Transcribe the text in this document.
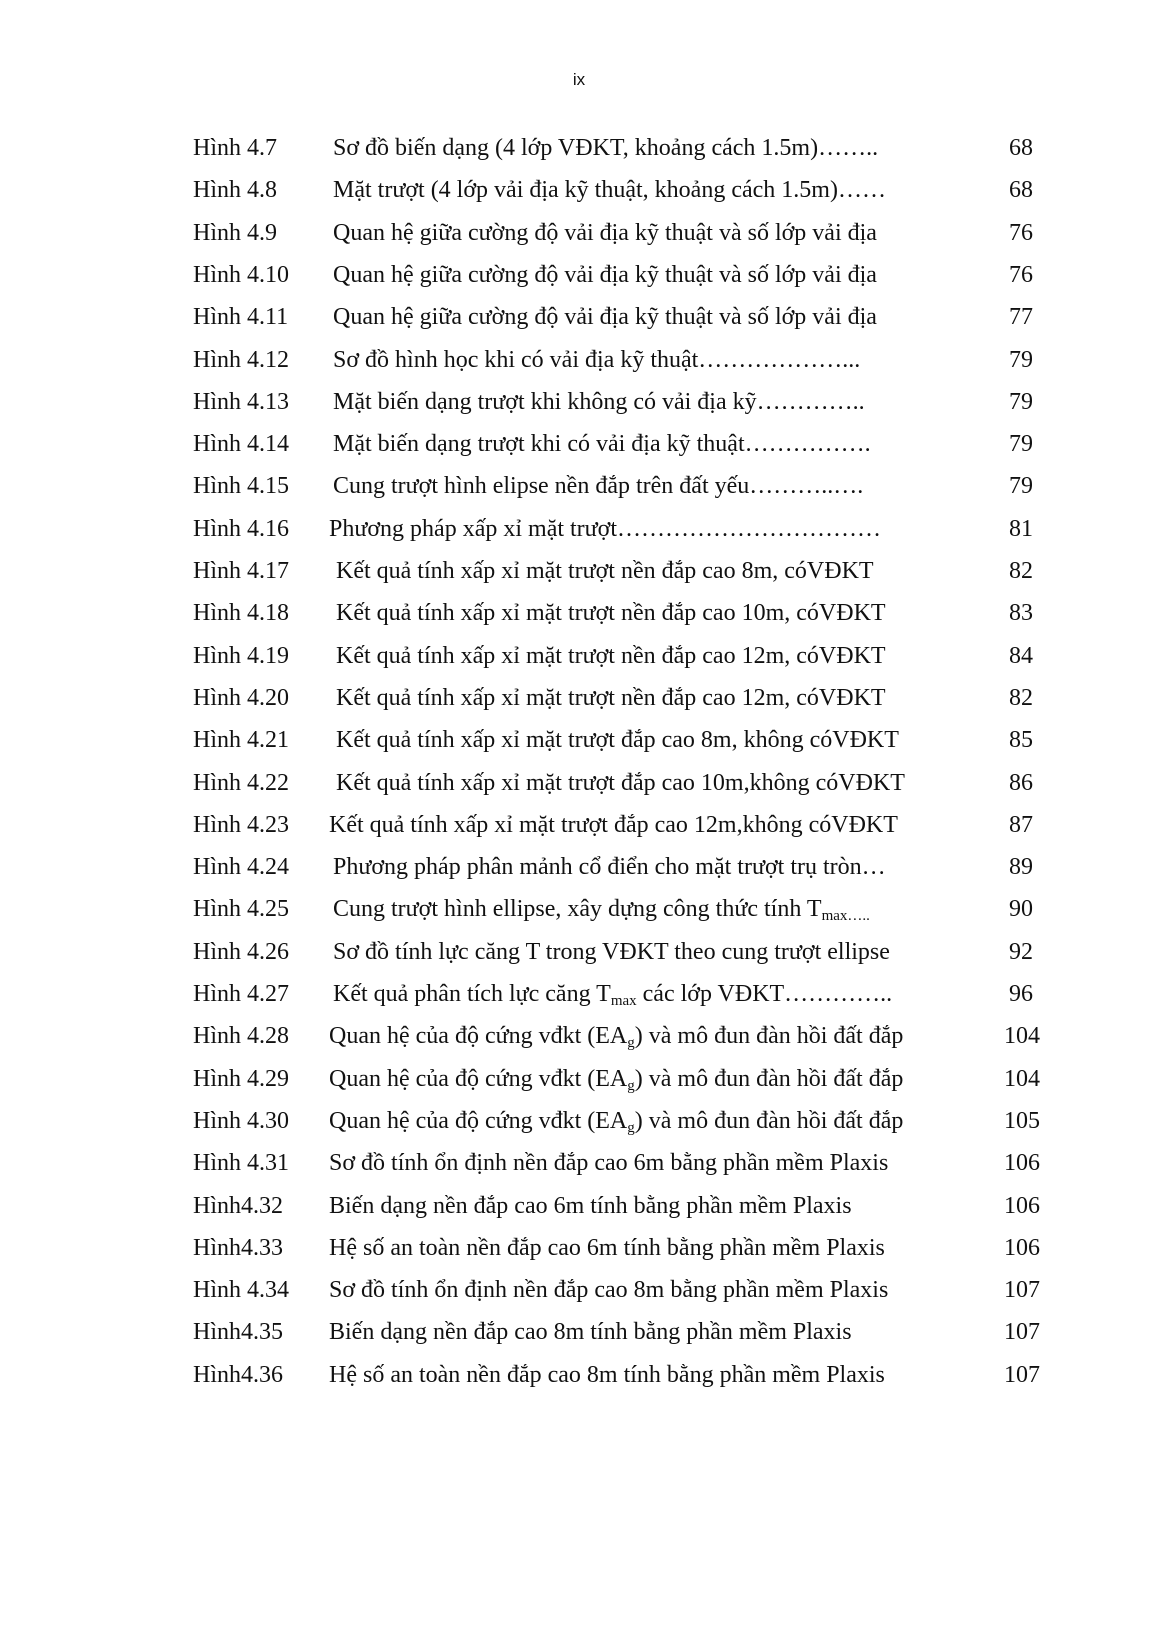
ix
Hình 4.7 Sơ đồ biến dạng (4 lớp VĐKT, khoảng cách 1.5m)……..	68
Hình 4.8 Mặt trượt (4 lớp vải địa kỹ thuật, khoảng cách 1.5m)……	68
Hình 4.9 Quan hệ giữa cường độ vải địa kỹ thuật và số lớp vải địa	76
Hình 4.10 Quan hệ giữa cường độ vải địa kỹ thuật và số lớp vải địa	76
Hình 4.11 Quan hệ giữa cường độ vải địa kỹ thuật và số lớp vải địa	77
Hình 4.12 Sơ đồ hình học khi có vải địa kỹ thuật………………...	79
Hình 4.13 Mặt biến dạng trượt khi không có vải địa kỹ…………..	79
Hình 4.14 Mặt biến dạng trượt khi có vải địa kỹ thuật…………….	79
Hình 4.15 Cung trượt hình elipse nền đắp trên đất yếu………..….	79
Hình 4.16 Phương pháp xấp xỉ mặt trượt……………………………	81
Hình 4.17 Kết quả tính xấp xỉ mặt trượt nền đắp cao 8m, cóVĐKT	82
Hình 4.18 Kết quả tính xấp xỉ mặt trượt nền đắp cao 10m, cóVĐKT	83
Hình 4.19 Kết quả tính xấp xỉ mặt trượt nền đắp cao 12m, cóVĐKT	84
Hình 4.20 Kết quả tính xấp xỉ mặt trượt nền đắp cao 12m, cóVĐKT	82
Hình 4.21 Kết quả tính xấp xỉ mặt trượt đắp cao 8m, không cóVĐKT	85
Hình 4.22 Kết quả tính xấp xỉ mặt trượt đắp cao 10m,không cóVĐKT	86
Hình 4.23 Kết quả tính xấp xỉ mặt trượt đắp cao 12m,không cóVĐKT	87
Hình 4.24 Phương pháp phân mảnh cổ điển cho mặt trượt trụ tròn…	89
Hình 4.25 Cung trượt hình ellipse, xây dựng công thức tính $T_{max\dots..}$	90
Hình 4.26 Sơ đồ tính lực căng T trong VĐKT theo cung trượt ellipse	92
Hình 4.27 Kết quả phân tích lực căng $T_{max}$ các lớp VĐKT…………..	96
Hình 4.28 Quan hệ của độ cứng vđkt $(EA_g)$ và mô đun đàn hồi đất đắp	104
Hình 4.29 Quan hệ của độ cứng vđkt $(EA_g)$ và mô đun đàn hồi đất đắp	104
Hình 4.30 Quan hệ của độ cứng vđkt $(EA_g)$ và mô đun đàn hồi đất đắp	105
Hình 4.31 Sơ đồ tính ổn định nền đắp cao 6m bằng phần mềm Plaxis	106
Hình4.32 Biến dạng nền đắp cao 6m tính bằng phần mềm Plaxis	106
Hình4.33 Hệ số an toàn nền đắp cao 6m tính bằng phần mềm Plaxis	106
Hình 4.34 Sơ đồ tính ổn định nền đắp cao 8m bằng phần mềm Plaxis	107
Hình4.35 Biến dạng nền đắp cao 8m tính bằng phần mềm Plaxis	107
Hình4.36 Hệ số an toàn nền đắp cao 8m tính bằng phần mềm Plaxis	107
